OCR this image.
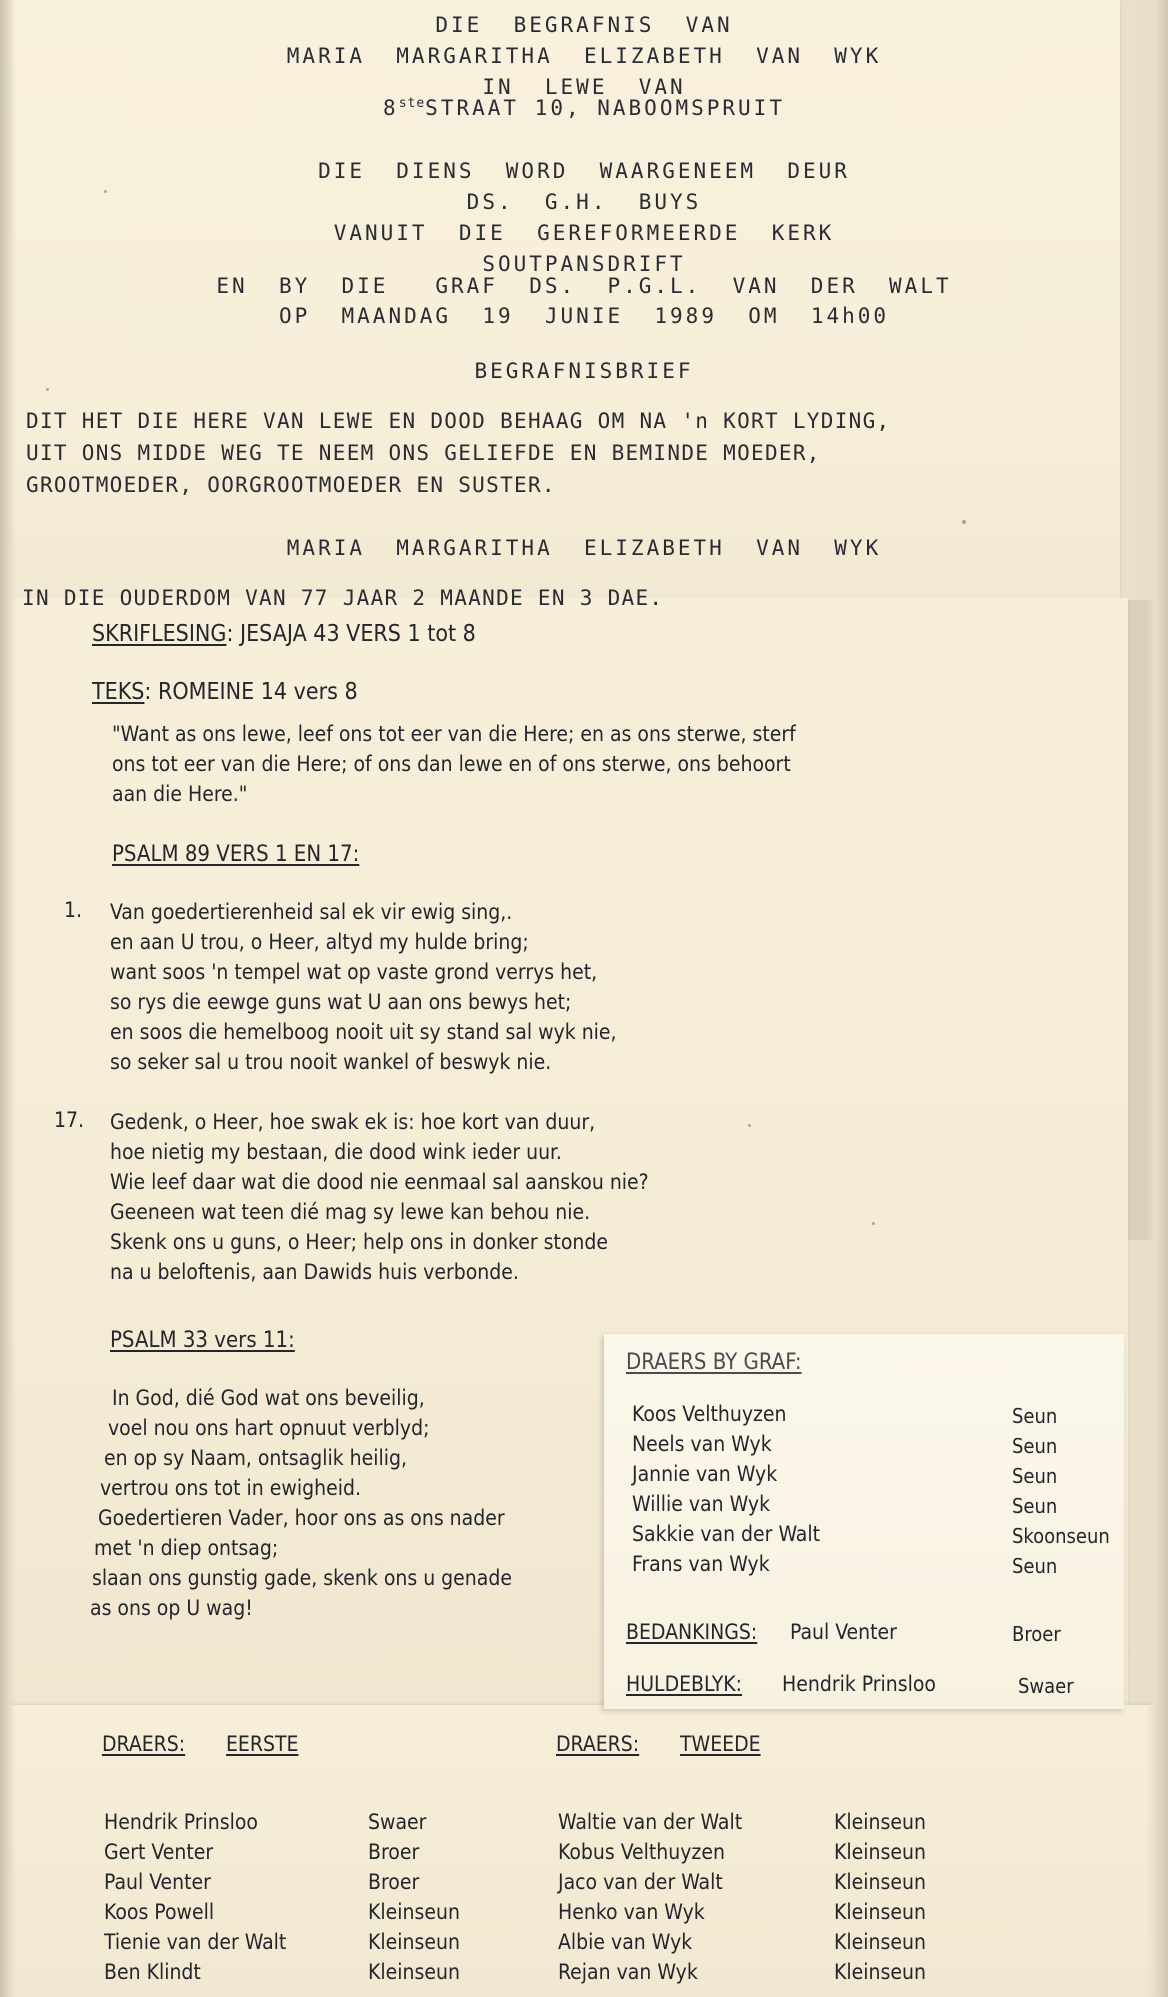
DIE  BEGRAFNIS  VAN
MARIA  MARGARITHA  ELIZABETH  VAN  WYK
IN  LEWE  VAN
8steSTRAAT 10, NABOOMSPRUIT
DIE  DIENS  WORD  WAARGENEEM  DEUR
DS.  G.H.  BUYS
VANUIT  DIE  GEREFORMEERDE  KERK
SOUTPANSDRIFT
EN  BY  DIE   GRAF  DS.  P.G.L.  VAN  DER  WALT
OP  MAANDAG  19  JUNIE  1989  OM  14h00
BEGRAFNISBRIEF
DIT HET DIE HERE VAN LEWE EN DOOD BEHAAG OM NA 'n KORT LYDING,
UIT ONS MIDDE WEG TE NEEM ONS GELIEFDE EN BEMINDE MOEDER,
GROOTMOEDER, OORGROOTMOEDER EN SUSTER.
MARIA  MARGARITHA  ELIZABETH  VAN  WYK
IN DIE OUDERDOM VAN 77 JAAR 2 MAANDE EN 3 DAE.
SKRIFLESING: JESAJA 43 VERS 1 tot 8
TEKS: ROMEINE 14 vers 8
"Want as ons lewe, leef ons tot eer van die Here; en as ons sterwe, sterf
ons tot eer van die Here; of ons dan lewe en of ons sterwe, ons behoort
aan die Here."
PSALM 89 VERS 1 EN 17:
1. Van goedertierenheid sal ek vir ewig sing,.
en aan U trou, o Heer, altyd my hulde bring;
want soos 'n tempel wat op vaste grond verrys het,
so rys die eewge guns wat U aan ons bewys het;
en soos die hemelboog nooit uit sy stand sal wyk nie,
so seker sal u trou nooit wankel of beswyk nie.
17. Gedenk, o Heer, hoe swak ek is: hoe kort van duur,
hoe nietig my bestaan, die dood wink ieder uur.
Wie leef daar wat die dood nie eenmaal sal aanskou nie?
Geeneen wat teen dié mag sy lewe kan behou nie.
Skenk ons u guns, o Heer; help ons in donker stonde
na u beloftenis, aan Dawids huis verbonde.
PSALM 33 vers 11:
In God, dié God wat ons beveilig,
voel nou ons hart opnuut verblyd;
en op sy Naam, ontsaglik heilig,
vertrou ons tot in ewigheid.
Goedertieren Vader, hoor ons as ons nader
met 'n diep ontsag;
slaan ons gunstig gade, skenk ons u genade
as ons op U wag!
DRAERS BY GRAF:
Koos Velthuyzen	Seun
Neels van Wyk	Seun
Jannie van Wyk	Seun
Willie van Wyk	Seun
Sakkie van der Walt	Skoonseun
Frans van Wyk	Seun
BEDANKINGS: Paul Venter	Broer
HULDEBLYK: Hendrik Prinsloo	Swaer
DRAERS: EERSTE
Hendrik Prinsloo	Swaer
Gert Venter	Broer
Paul Venter	Broer
Koos Powell	Kleinseun
Tienie van der Walt	Kleinseun
Ben Klindt	Kleinseun
DRAERS: TWEEDE
Waltie van der Walt	Kleinseun
Kobus Velthuyzen	Kleinseun
Jaco van der Walt	Kleinseun
Henko van Wyk	Kleinseun
Albie van Wyk	Kleinseun
Rejan van Wyk	Kleinseun
